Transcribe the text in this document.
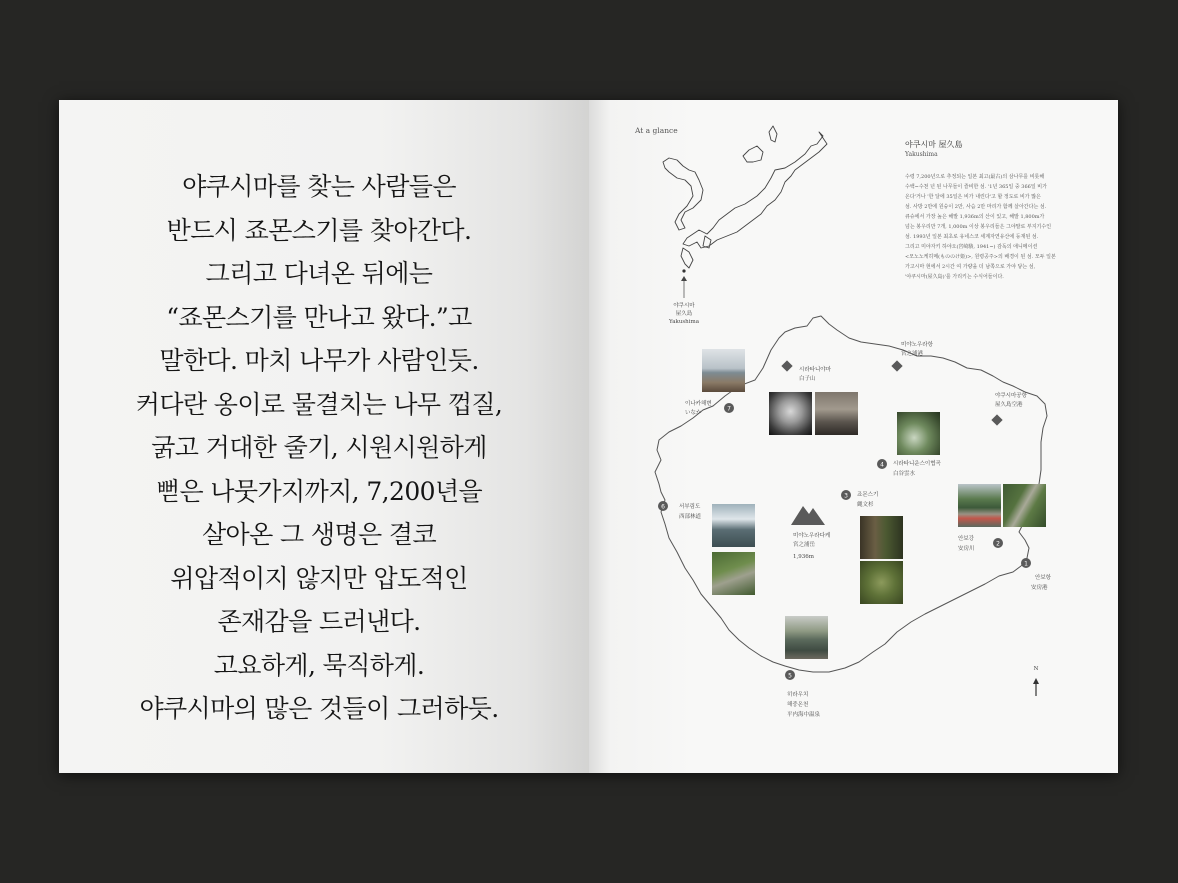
야쿠시마를 찾는 사람들은
반드시 죠몬스기를 찾아간다.
그리고 다녀온 뒤에는
“죠몬스기를 만나고 왔다.”고
말한다. 마치 나무가 사람인듯.
커다란 옹이로 물결치는 나무 껍질,
굵고 거대한 줄기, 시원시원하게
뻗은 나뭇가지까지, 7,200년을
살아온 그 생명은 결코
위압적이지 않지만 압도적인
존재감을 드러낸다.
고요하게, 묵직하게.
야쿠시마의 많은 것들이 그러하듯.
At a glance
야쿠시마 屋久島
Yakushima
수령 7,200년으로 추정되는 일본 최고(最古)의 삼나무를 비롯해
수백~수천 년 된 나무들이 즐비한 섬. '1년 365일 중 366일 비가
온다'거나 '한 달에 35일은 비가 내린다'고 할 정도로 비가 많은
섬. 사방 2만에 원숭이 2만, 사슴 2만 마리가 함께 살아간다는 섬.
큐슈에서 가장 높은 해발 1,936m의 산이 있고, 해발 1,800m가
넘는 봉우리만 7개, 1,000m 이상 봉우리들은 그야말로 부지기수인
섬. 1993년 일본 최초로 유네스코 세계자연유산에 등재된 섬.
그리고 미야자키 하야오(宮崎駿, 1941~) 감독의 애니메이션
<모노노케히메(もののけ姫)>, 원령공주>의 배경이 된 섬. 모두 일본
가고시마 현에서 2시간 여 가량을 더 남쪽으로 가야 닿는 섬,
'야쿠시마(屋久島)'를 가리키는 수식어들이다.
야쿠시마
屋久島
Yakushima
미야노우라다케
宮之浦岳
1,936m
시라타니야마
白子山
미야노우라항
宮之浦港
야쿠시마공항
屋久島空港
1
안보항
安房港
2
안보강
安房川
3 죠몬스기
縄文杉
4 시라타니운스이협곡
白谷雲水
5
히라우치
해중온천
平内海中温泉
6	서부림도
西部林道
7
이나카해변
いなか
N
